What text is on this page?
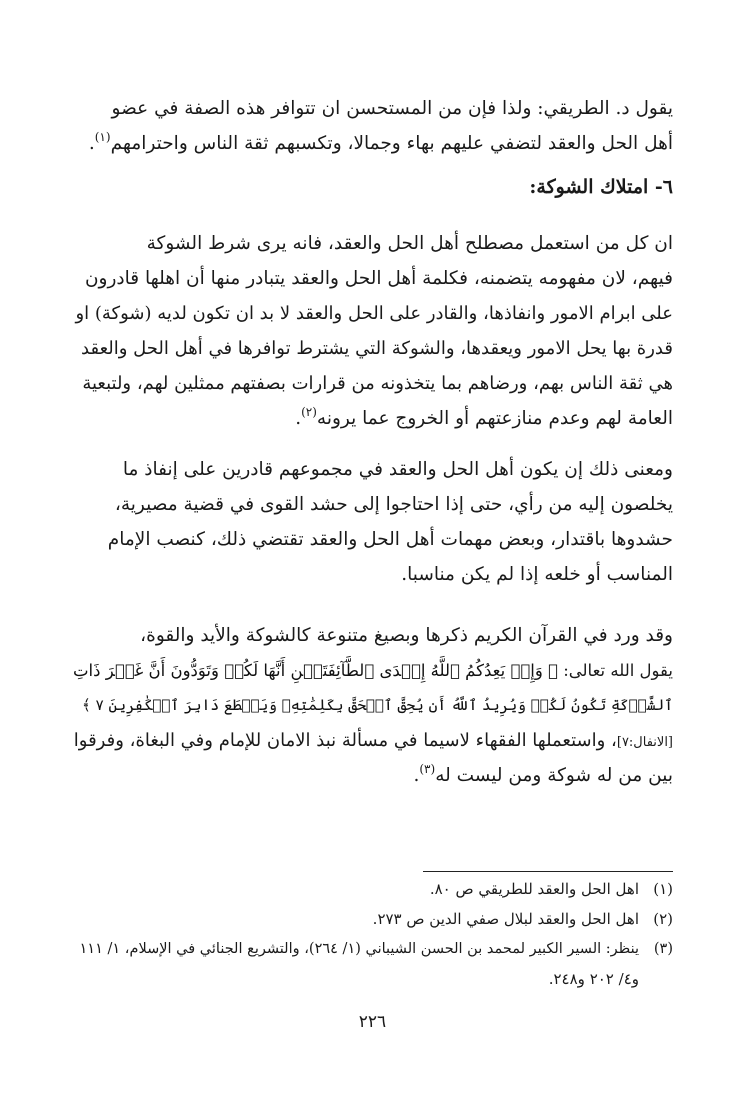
يقول د. الطريقي: ولذا فإن من المستحسن ان تتوافر هذه الصفة في عضو
أهل الحل والعقد لتضفي عليهم بهاء وجمالا، وتكسبهم ثقة الناس واحترامهم$^{(١)}$.
٦- امتلاك الشوكة:
ان كل من استعمل مصطلح أهل الحل والعقد، فانه يرى شرط الشوكة
فيهم، لان مفهومه يتضمنه، فكلمة أهل الحل والعقد يتبادر منها أن اهلها قادرون
على ابرام الامور وانفاذها، والقادر على الحل والعقد لا بد ان تكون لديه (شوكة) او
قدرة بها يحل الامور ويعقدها، والشوكة التي يشترط توافرها في أهل الحل والعقد
هي ثقة الناس بهم، ورضاهم بما يتخذونه من قرارات بصفتهم ممثلين لهم، ولتبعية
العامة لهم وعدم منازعتهم أو الخروج عما يرونه$^{(٢)}$.
ومعنى ذلك إن يكون أهل الحل والعقد في مجموعهم قادرين على إنفاذ ما
يخلصون إليه من رأي، حتى إذا احتاجوا إلى حشد القوى في قضية مصيرية،
حشدوها باقتدار، وبعض مهمات أهل الحل والعقد تقتضي ذلك، كنصب الإمام
المناسب أو خلعه إذا لم يكن مناسبا.
وقد ورد في القرآن الكريم ذكرها وبصيغ متنوعة كالشوكة والأيد والقوة،
يقول الله تعالى: ﴿ وَإِذۡ يَعِدُكُمُ ٱللَّهُ إِحۡدَى ٱلطَّآئِفَتَيۡنِ أَنَّهَا لَكُمۡ وَتَوَدُّونَ أَنَّ غَيۡرَ ذَاتِ
ٱلشَّوۡكَةِ تَكُونُ لَكُمۡ وَيُرِيدُ ٱللَّهُ أَن يُحِقَّ ٱلۡحَقَّ بِكَلِمَٰتِهِۦ وَيَقۡطَعَ دَابِرَ ٱلۡكَٰفِرِينَ ٧ ﴾
[الانفال:٧]، واستعملها الفقهاء لاسيما في مسألة نبذ الامان للإمام وفي البغاة، وفرقوا
بين من له شوكة ومن ليست له$^{(٣)}$.
(١)اهل الحل والعقد للطريقي ص ٨٠.
(٢)اهل الحل والعقد لبلال صفي الدين ص ٢٧٣.
(٣)ينظر: السير الكبير لمحمد بن الحسن الشيباني (١/ ٢٦٤)، والتشريع الجنائي في الإسلام، ١/ ١١١
و٤/ ٢٠٢ و٢٤٨.
٢٢٦
